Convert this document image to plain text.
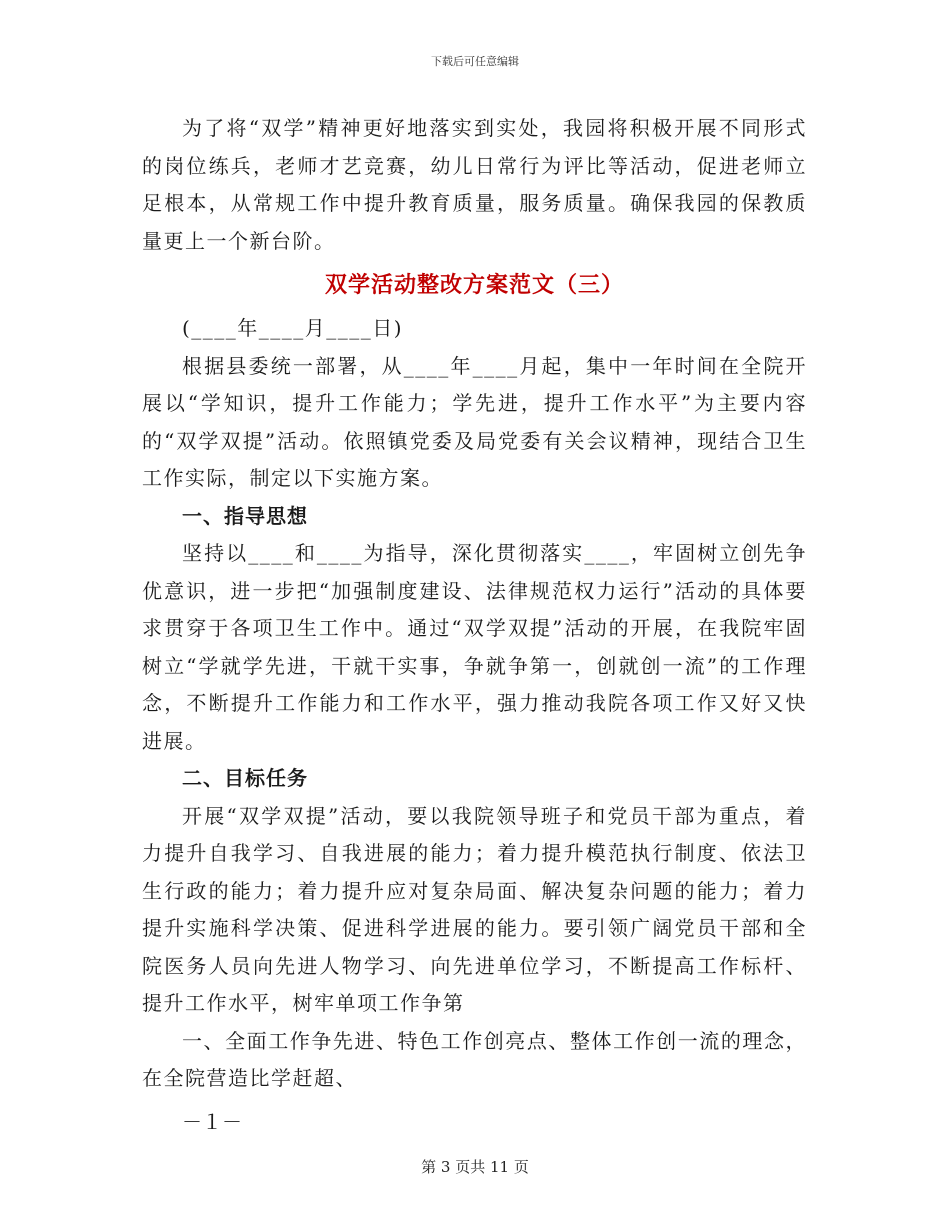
下载后可任意编辑

为了将“双学”精神更好地落实到实处，我园将积极开展不同形式的岗位练兵，老师才艺竞赛，幼儿日常行为评比等活动，促进老师立足根本，从常规工作中提升教育质量，服务质量。确保我园的保教质量更上一个新台阶。

双学活动整改方案范文（三）

(____年____月____日)

根据县委统一部署，从____年____月起，集中一年时间在全院开展以“学知识，提升工作能力；学先进，提升工作水平”为主要内容的“双学双提”活动。依照镇党委及局党委有关会议精神，现结合卫生工作实际，制定以下实施方案。

一、指导思想

坚持以____和____为指导，深化贯彻落实____，牢固树立创先争优意识，进一步把“加强制度建设、法律规范权力运行”活动的具体要求贯穿于各项卫生工作中。通过“双学双提”活动的开展，在我院牢固树立“学就学先进，干就干实事，争就争第一，创就创一流”的工作理念，不断提升工作能力和工作水平，强力推动我院各项工作又好又快进展。

二、目标任务

开展“双学双提”活动，要以我院领导班子和党员干部为重点，着力提升自我学习、自我进展的能力；着力提升模范执行制度、依法卫生行政的能力；着力提升应对复杂局面、解决复杂问题的能力；着力提升实施科学决策、促进科学进展的能力。要引领广阔党员干部和全院医务人员向先进人物学习、向先进单位学习，不断提高工作标杆、提升工作水平，树牢单项工作争第

一、全面工作争先进、特色工作创亮点、整体工作创一流的理念，在全院营造比学赶超、

－１－
第 3 页共 11 页
